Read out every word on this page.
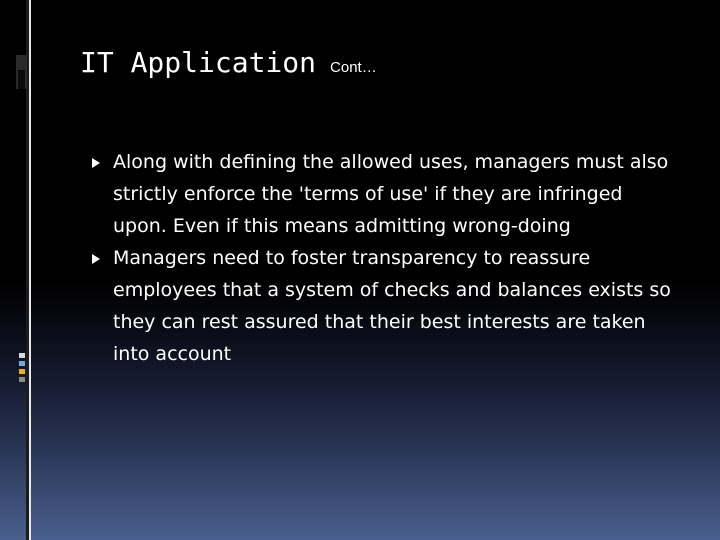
IT Application Cont…

Along with defining the allowed uses, managers must also strictly enforce the 'terms of use' if they are infringed upon. Even if this means admitting wrong-doing

Managers need to foster transparency to reassure employees that a system of checks and balances exists so they can rest assured that their best interests are taken into account
